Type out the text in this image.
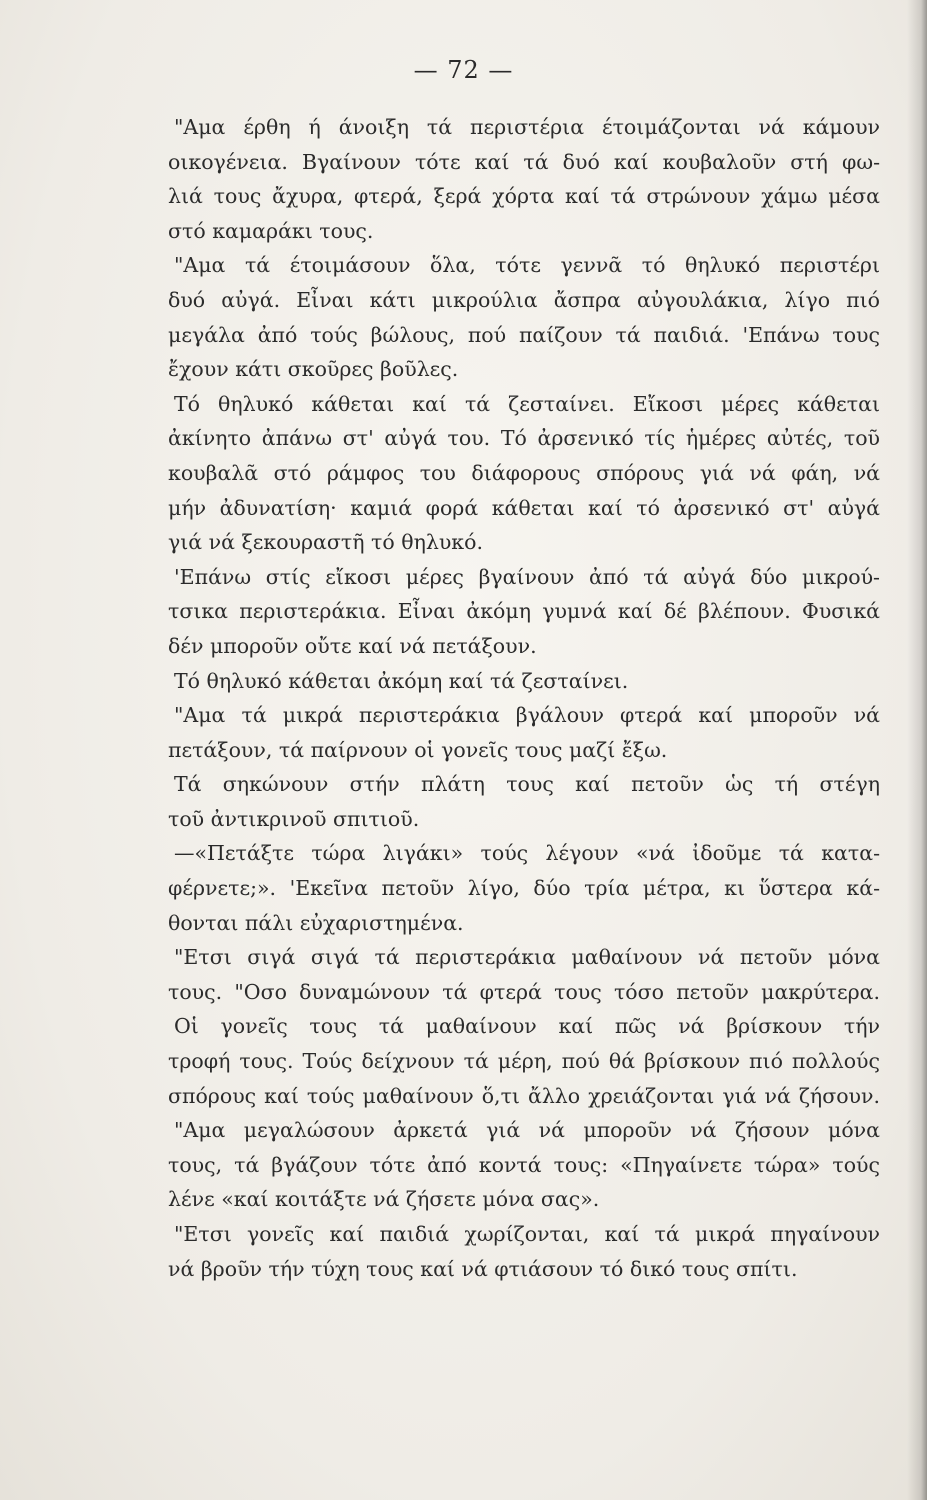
— 72 —
"Αμα έρθη ή άνοιξη τά περιστέρια έτοιμάζονται νά κάμουν
οικογένεια. Βγαίνουν τότε καί τά δυό καί κουβαλοῦν στή φω-
λιά τους ἄχυρα, φτερά, ξερά χόρτα καί τά στρώνουν χάμω μέσα
στό καμαράκι τους.
"Αμα τά έτοιμάσουν ὅλα, τότε γεννᾶ τό θηλυκό περιστέρι
δυό αὐγά. Εἶναι κάτι μικρούλια ἄσπρα αὐγουλάκια, λίγο πιό
μεγάλα ἀπό τούς βώλους, πού παίζουν τά παιδιά. 'Επάνω τους
ἔχουν κάτι σκοῦρες βοῦλες.
Τό θηλυκό κάθεται καί τά ζεσταίνει. Εἴκοσι μέρες κάθεται
ἀκίνητο ἀπάνω στ' αὐγά του. Τό ἀρσενικό τίς ἡμέρες αὐτές, τοῦ
κουβαλᾶ στό ράμφος του διάφορους σπόρους γιά νά φάη, νά
μήν ἀδυνατίση· καμιά φορά κάθεται καί τό ἀρσενικό στ' αὐγά
γιά νά ξεκουραστῆ τό θηλυκό.
'Επάνω στίς εἴκοσι μέρες βγαίνουν ἀπό τά αὐγά δύο μικρού-
τσικα περιστεράκια. Εἶναι ἀκόμη γυμνά καί δέ βλέπουν. Φυσικά
δέν μποροῦν οὔτε καί νά πετάξουν.
Τό θηλυκό κάθεται ἀκόμη καί τά ζεσταίνει.
"Αμα τά μικρά περιστεράκια βγάλουν φτερά καί μποροῦν νά
πετάξουν, τά παίρνουν οἱ γονεῖς τους μαζί ἔξω.
Τά σηκώνουν στήν πλάτη τους καί πετοῦν ὡς τή στέγη
τοῦ ἀντικρινοῦ σπιτιοῦ.
—«Πετάξτε τώρα λιγάκι» τούς λέγουν «νά ἰδοῦμε τά κατα-
φέρνετε;». 'Εκεῖνα πετοῦν λίγο, δύο τρία μέτρα, κι ὕστερα κά-
θονται πάλι εὐχαριστημένα.
"Ετσι σιγά σιγά τά περιστεράκια μαθαίνουν νά πετοῦν μόνα
τους. "Οσο δυναμώνουν τά φτερά τους τόσο πετοῦν μακρύτερα.
Οἱ γονεῖς τους τά μαθαίνουν καί πῶς νά βρίσκουν τήν
τροφή τους. Τούς δείχνουν τά μέρη, πού θά βρίσκουν πιό πολλούς
σπόρους καί τούς μαθαίνουν ὅ,τι ἄλλο χρειάζονται γιά νά ζήσουν.
"Αμα μεγαλώσουν ἀρκετά γιά νά μποροῦν νά ζήσουν μόνα
τους, τά βγάζουν τότε ἀπό κοντά τους: «Πηγαίνετε τώρα» τούς
λένε «καί κοιτάξτε νά ζήσετε μόνα σας».
"Ετσι γονεῖς καί παιδιά χωρίζονται, καί τά μικρά πηγαίνουν
νά βροῦν τήν τύχη τους καί νά φτιάσουν τό δικό τους σπίτι.
